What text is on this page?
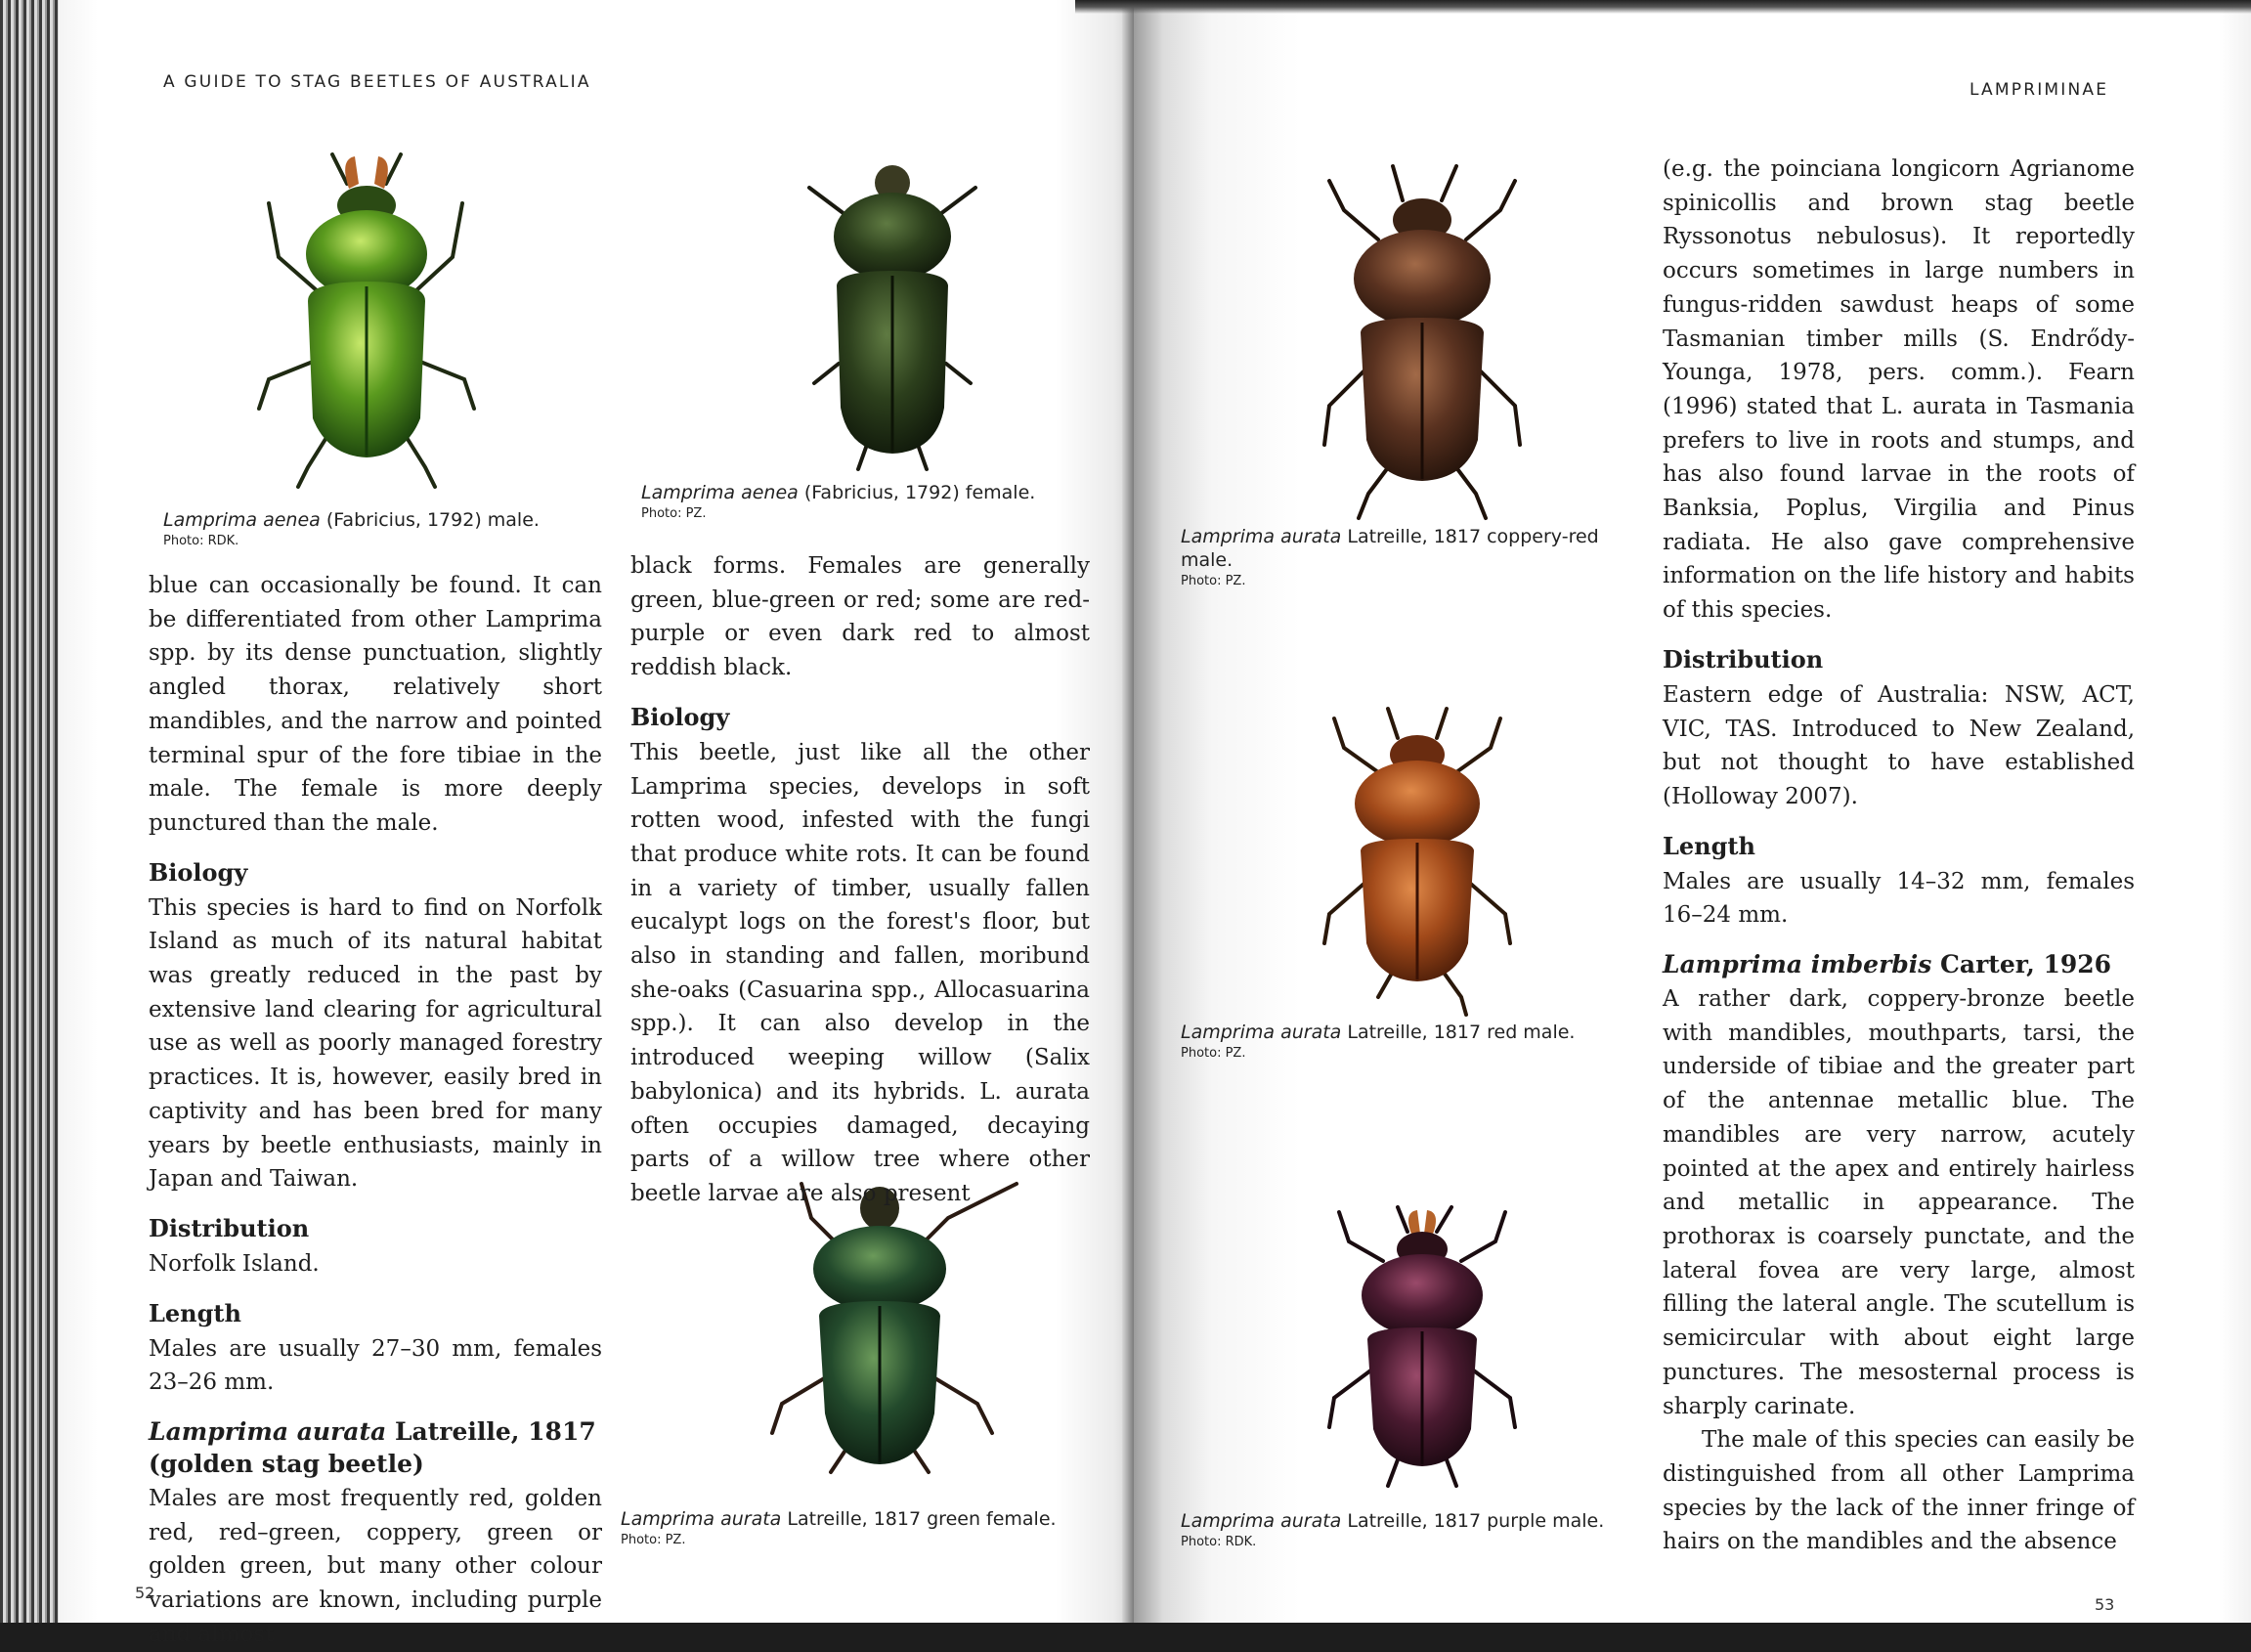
A GUIDE TO STAG BEETLES OF AUSTRALIA
Lamprima aenea (Fabricius, 1792) male.
Photo: RDK.
Lamprima aenea (Fabricius, 1792) female.
Photo: PZ.
Lamprima aurata Latreille, 1817 green female.
Photo: PZ.

blue can occasionally be found. It can be differentiated from other Lamprima spp. by its dense punctuation, slightly angled thorax, relatively short mandibles, and the narrow and pointed terminal spur of the fore tibiae in the male. The female is more deeply punctured than the male.

Biology

This species is hard to find on Norfolk Island as much of its natural habitat was greatly reduced in the past by extensive land clearing for agricultural use as well as poorly managed forestry practices. It is, however, easily bred in captivity and has been bred for many years by beetle enthusiasts, mainly in Japan and Taiwan.

Distribution

Norfolk Island.

Length

Males are usually 27–30 mm, females 23–26 mm.

Lamprima aurata Latreille, 1817
(golden stag beetle)

Males are most frequently red, golden red, red–green, coppery, green or golden green, but many other colour variations are known, including purple and almost

black forms. Females are generally green, blue-green or red; some are red-purple or even dark red to almost reddish black.

Biology

This beetle, just like all the other Lamprima species, develops in soft rotten wood, infested with the fungi that produce white rots. It can be found in a variety of timber, usually fallen eucalypt logs on the forest's floor, but also in standing and fallen, moribund she-oaks (Casuarina spp., Allocasuarina spp.). It can also develop in the introduced weeping willow (Salix babylonica) and its hybrids. L. aurata often occupies damaged, decaying parts of a willow tree where other beetle larvae are also present

52
LAMPRIMINAE
Lamprima aurata Latreille, 1817 coppery-red male.
Photo: PZ.
Lamprima aurata Latreille, 1817 red male.
Photo: PZ.
Lamprima aurata Latreille, 1817 purple male.
Photo: RDK.

(e.g. the poinciana longicorn Agrianome spinicollis and brown stag beetle Ryssonotus nebulosus). It reportedly occurs sometimes in large numbers in fungus-ridden sawdust heaps of some Tasmanian timber mills (S. Endrődy-Younga, 1978, pers. comm.). Fearn (1996) stated that L. aurata in Tasmania prefers to live in roots and stumps, and has also found larvae in the roots of Banksia, Poplus, Virgilia and Pinus radiata. He also gave comprehensive information on the life history and habits of this species.

Distribution

Eastern edge of Australia: NSW, ACT, VIC, TAS. Introduced to New Zealand, but not thought to have established (Holloway 2007).

Length

Males are usually 14–32 mm, females 16–24 mm.

Lamprima imberbis Carter, 1926

A rather dark, coppery-bronze beetle with mandibles, mouthparts, tarsi, the underside of tibiae and the greater part of the antennae metallic blue. The mandibles are very narrow, acutely pointed at the apex and entirely hairless and metallic in appearance. The prothorax is coarsely punctate, and the lateral fovea are very large, almost filling the lateral angle. The scutellum is semicircular with about eight large punctures. The mesosternal process is sharply carinate.

The male of this species can easily be distinguished from all other Lamprima species by the lack of the inner fringe of hairs on the mandibles and the absence

53
